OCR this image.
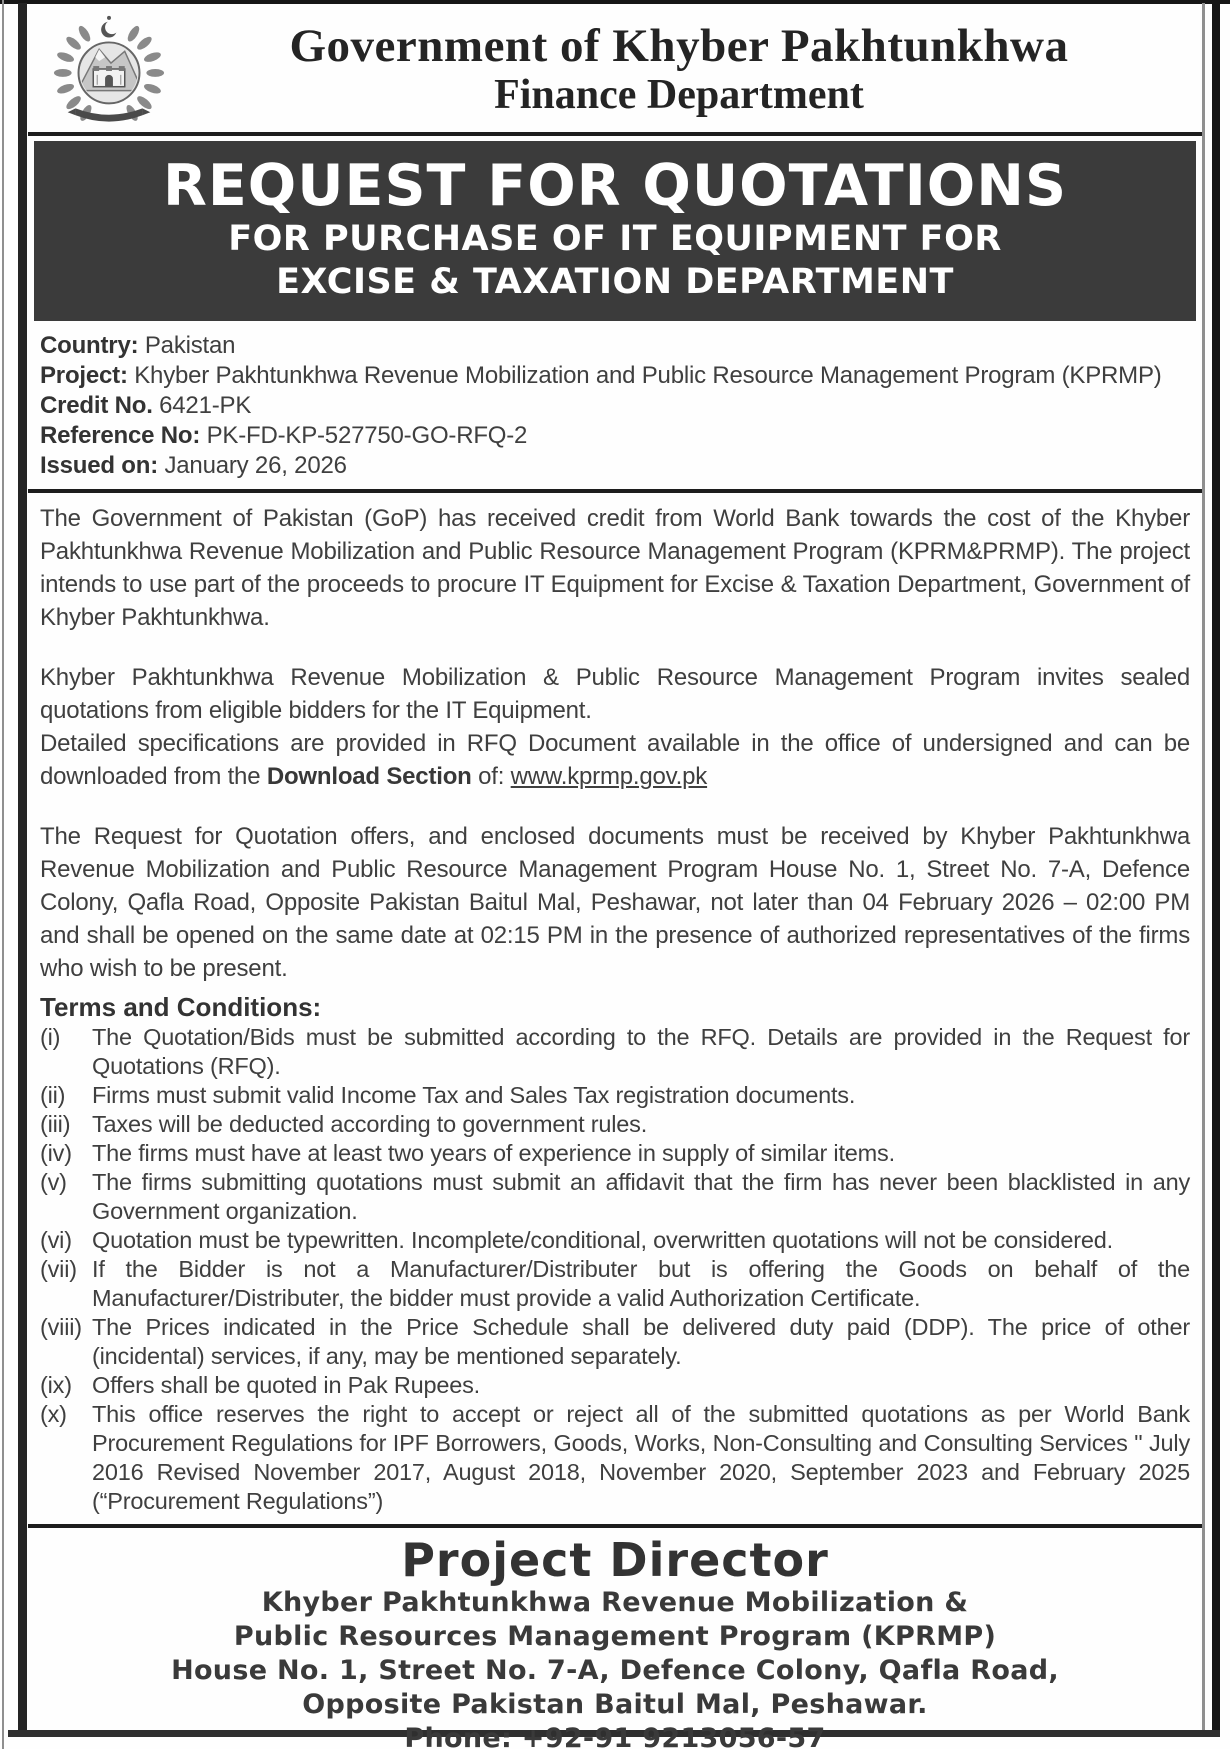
Government of Khyber Pakhtunkhwa
Finance Department
REQUEST FOR QUOTATIONS
FOR PURCHASE OF IT EQUIPMENT FOR
EXCISE & TAXATION DEPARTMENT
Country: Pakistan
Project: Khyber Pakhtunkhwa Revenue Mobilization and Public Resource Management Program (KPRMP)
Credit No. 6421-PK
Reference No: PK-FD-KP-527750-GO-RFQ-2
Issued on: January 26, 2026

The Government of Pakistan (GoP) has received credit from World Bank towards the cost of the Khyber Pakhtunkhwa Revenue Mobilization and Public Resource Management Program (KPRM&PRMP). The project intends to use part of the proceeds to procure IT Equipment for Excise & Taxation Department, Government of Khyber Pakhtunkhwa.

Khyber Pakhtunkhwa Revenue Mobilization & Public Resource Management Program invites sealed quotations from eligible bidders for the IT Equipment.

Detailed specifications are provided in RFQ Document available in the office of undersigned and can be downloaded from the Download Section of: www.kprmp.gov.pk

The Request for Quotation offers, and enclosed documents must be received by Khyber Pakhtunkhwa Revenue Mobilization and Public Resource Management Program House No. 1, Street No. 7-A, Defence Colony, Qafla Road, Opposite Pakistan Baitul Mal, Peshawar, not later than 04 February 2026 – 02:00 PM and shall be opened on the same date at 02:15 PM in the presence of authorized representatives of the firms who wish to be present.

Terms and Conditions:
(i)	The Quotation/Bids must be submitted according to the RFQ. Details are provided in the Request for Quotations (RFQ).
(ii)	Firms must submit valid Income Tax and Sales Tax registration documents.
(iii) Taxes will be deducted according to government rules.
(iv) The firms must have at least two years of experience in supply of similar items.
(v)	The firms submitting quotations must submit an affidavit that the firm has never been blacklisted in any Government organization.
(vi) Quotation must be typewritten. Incomplete/conditional, overwritten quotations will not be considered.
(vii) If the Bidder is not a Manufacturer/Distributer but is offering the Goods on behalf of the Manufacturer/Distributer, the bidder must provide a valid Authorization Certificate.
(viii) The Prices indicated in the Price Schedule shall be delivered duty paid (DDP). The price of other (incidental) services, if any, may be mentioned separately.
(ix) Offers shall be quoted in Pak Rupees.
(x)	This office reserves the right to accept or reject all of the submitted quotations as per World Bank Procurement Regulations for IPF Borrowers, Goods, Works, Non-Consulting and Consulting Services " July 2016 Revised November 2017, August 2018, November 2020, September 2023 and February 2025 (“Procurement Regulations”)
Project Director
Khyber Pakhtunkhwa Revenue Mobilization &
Public Resources Management Program (KPRMP)
House No. 1, Street No. 7-A, Defence Colony, Qafla Road,
Opposite Pakistan Baitul Mal, Peshawar.
Phone: +92-91 9213056-57
